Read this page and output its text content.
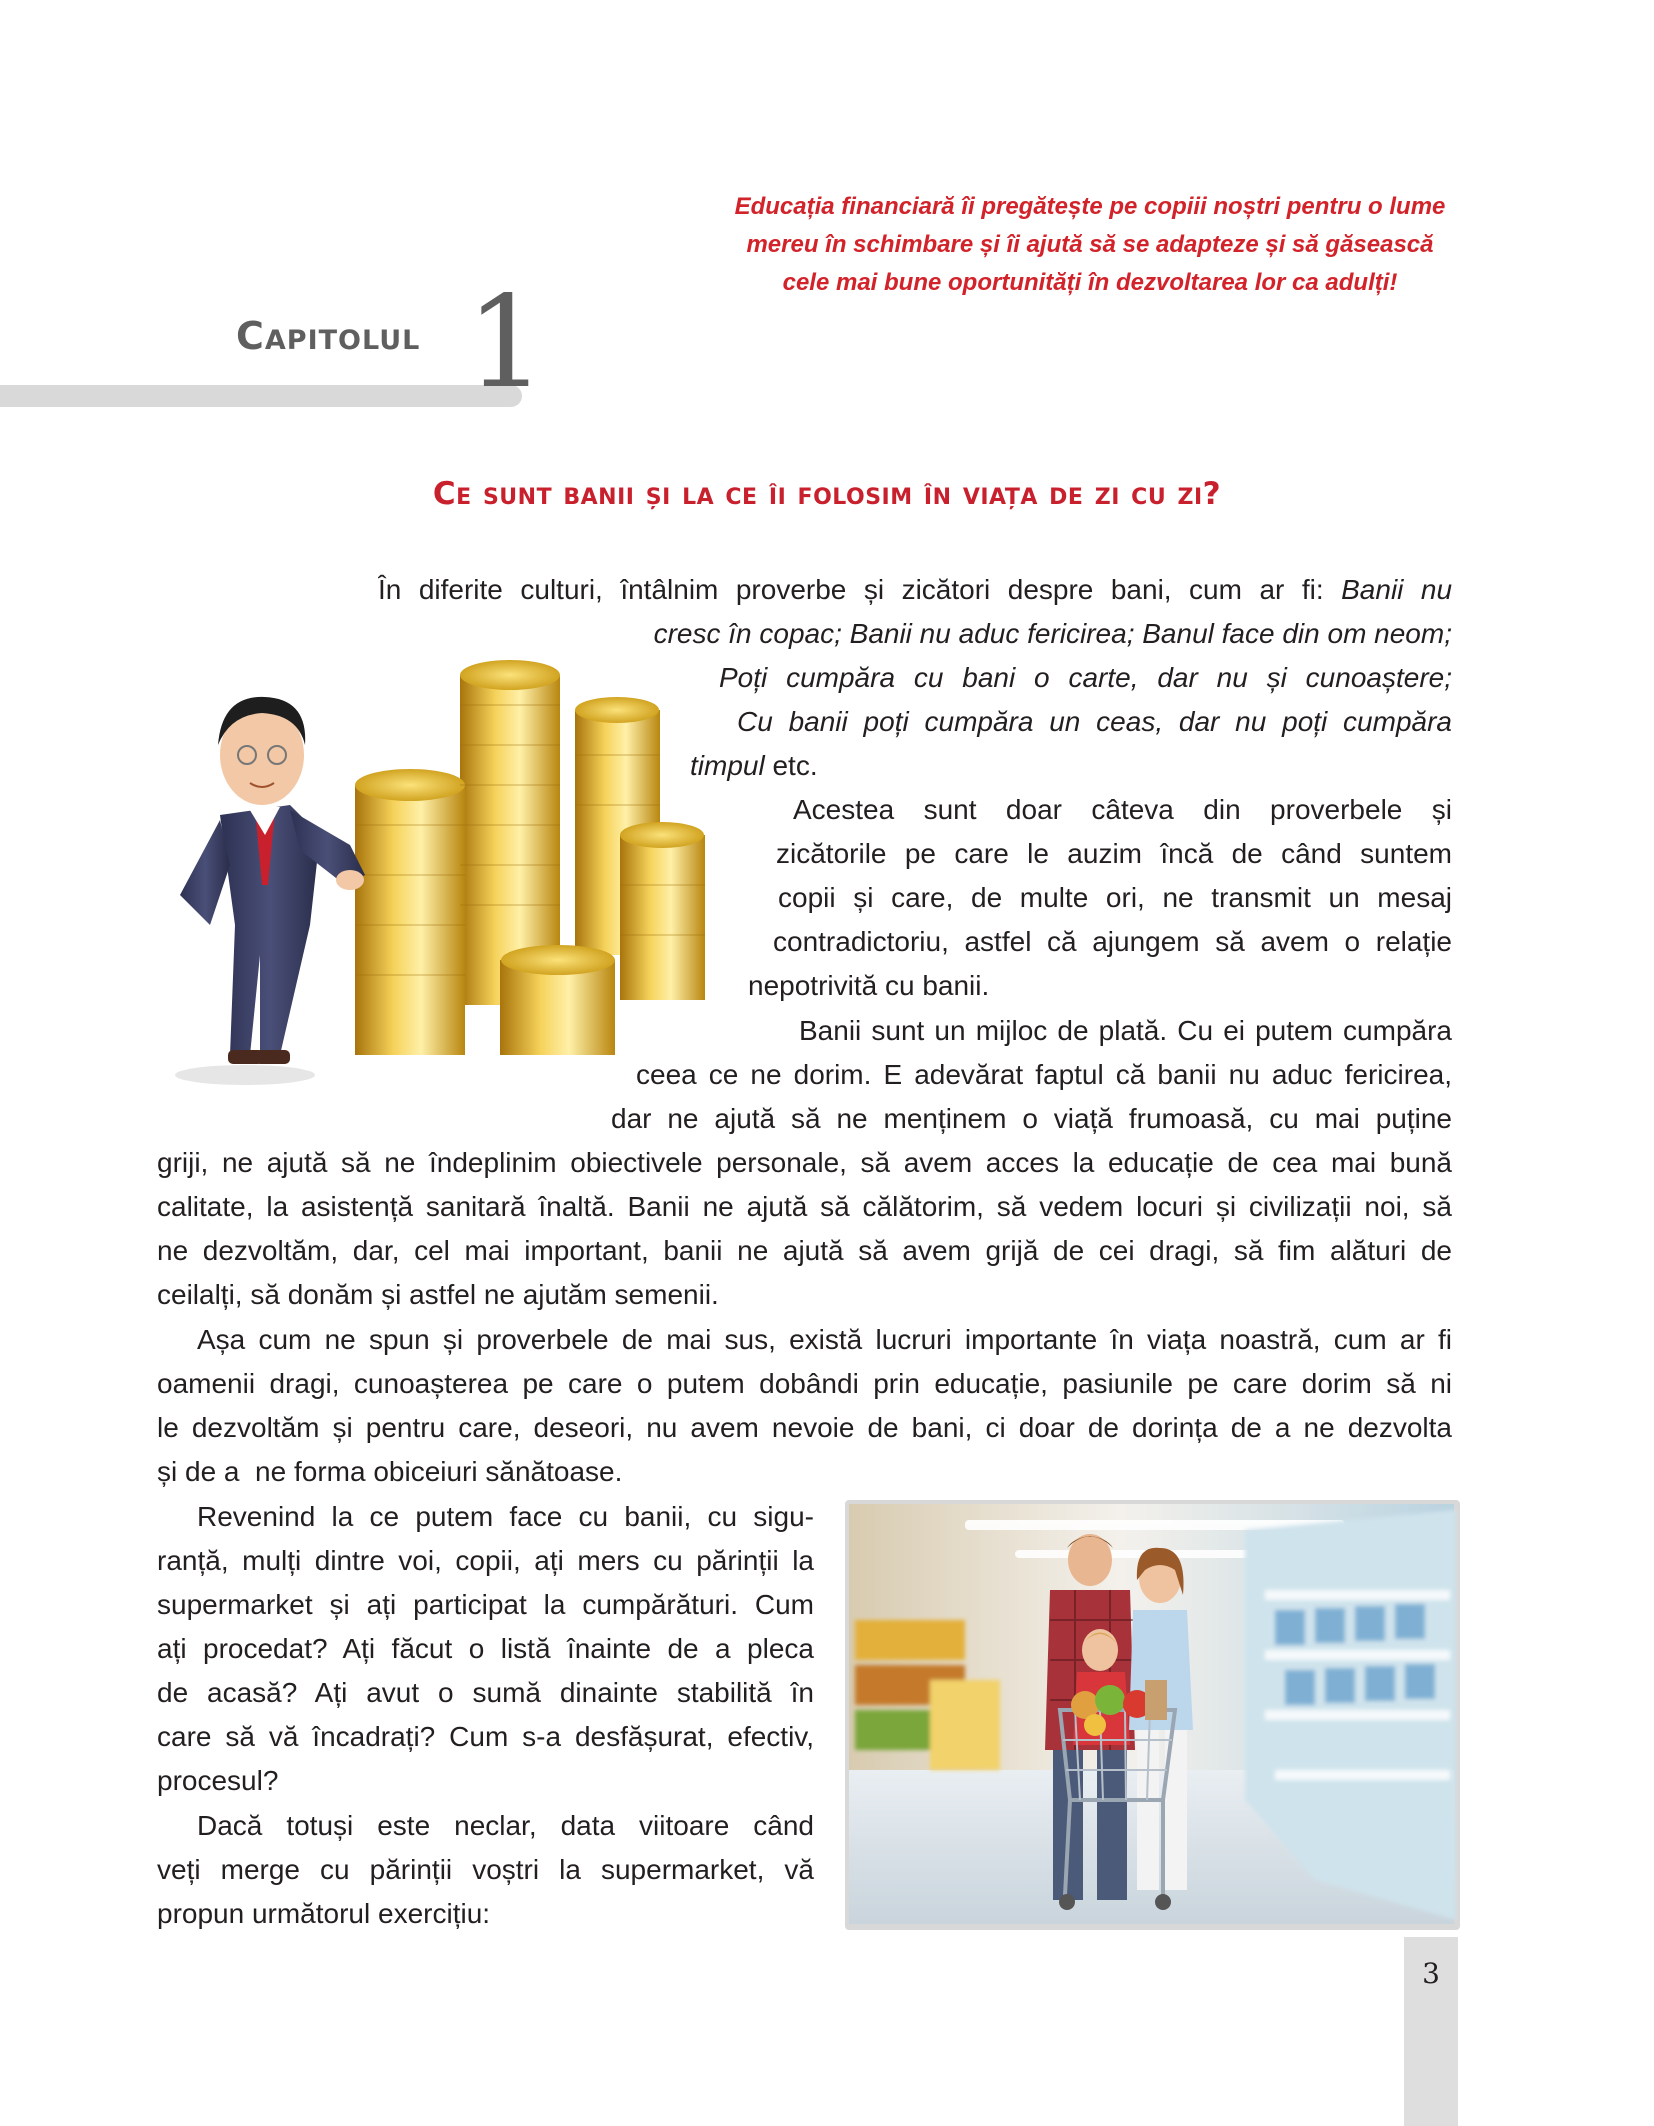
Educația financiară îi pregătește pe copiii noștri pentru o lume
mereu în schimbare și îi ajută să se adapteze și să găsească
cele mai bune oportunități în dezvoltarea lor ca adulți!
Capitolul 1
Ce sunt banii și la ce îi folosim în viața de zi cu zi?
În diferite culturi, întâlnim proverbe și zicători despre bani, cum ar fi: Banii nu
cresc în copac; Banii nu aduc fericirea; Banul face din om neom;
Poți cumpăra cu bani o carte, dar nu și cunoaștere;
Cu banii poți cumpăra un ceas, dar nu poți cumpăra
timpul etc.
Acestea sunt doar câteva din proverbele și
zicătorile pe care le auzim încă de când suntem
copii și care, de multe ori, ne transmit un mesaj
contradictoriu, astfel că ajungem să avem o relație
nepotrivită cu banii.
Banii sunt un mijloc de plată. Cu ei putem cumpăra
ceea ce ne dorim. E adevărat faptul că banii nu aduc fericirea,
dar ne ajută să ne menținem o viață frumoasă, cu mai puține
griji, ne ajută să ne îndeplinim obiectivele personale, să avem acces la educație de cea mai bună
calitate, la asistență sanitară înaltă. Banii ne ajută să călătorim, să vedem locuri și civilizații noi, să
ne dezvoltăm, dar, cel mai important, banii ne ajută să avem grijă de cei dragi, să fim alături de
ceilalți, să donăm și astfel ne ajutăm semenii.
Așa cum ne spun și proverbele de mai sus, există lucruri importante în viața noastră, cum ar fi
oamenii dragi, cunoașterea pe care o putem dobândi prin educație, pasiunile pe care dorim să ni
le dezvoltăm și pentru care, deseori, nu avem nevoie de bani, ci doar de dorința de a ne dezvolta
și de a  ne forma obiceiuri sănătoase.
Revenind la ce putem face cu banii, cu sigu-
ranță, mulți dintre voi, copii, ați mers cu părinții la
supermarket și ați participat la cumpărături. Cum
ați procedat? Ați făcut o listă înainte de a pleca
de acasă? Ați avut o sumă dinainte stabilită în
care să vă încadrați? Cum s-a desfășurat, efectiv,
procesul?
Dacă totuși este neclar, data viitoare când
veți merge cu părinții voștri la supermarket, vă
propun următorul exercițiu:
3
